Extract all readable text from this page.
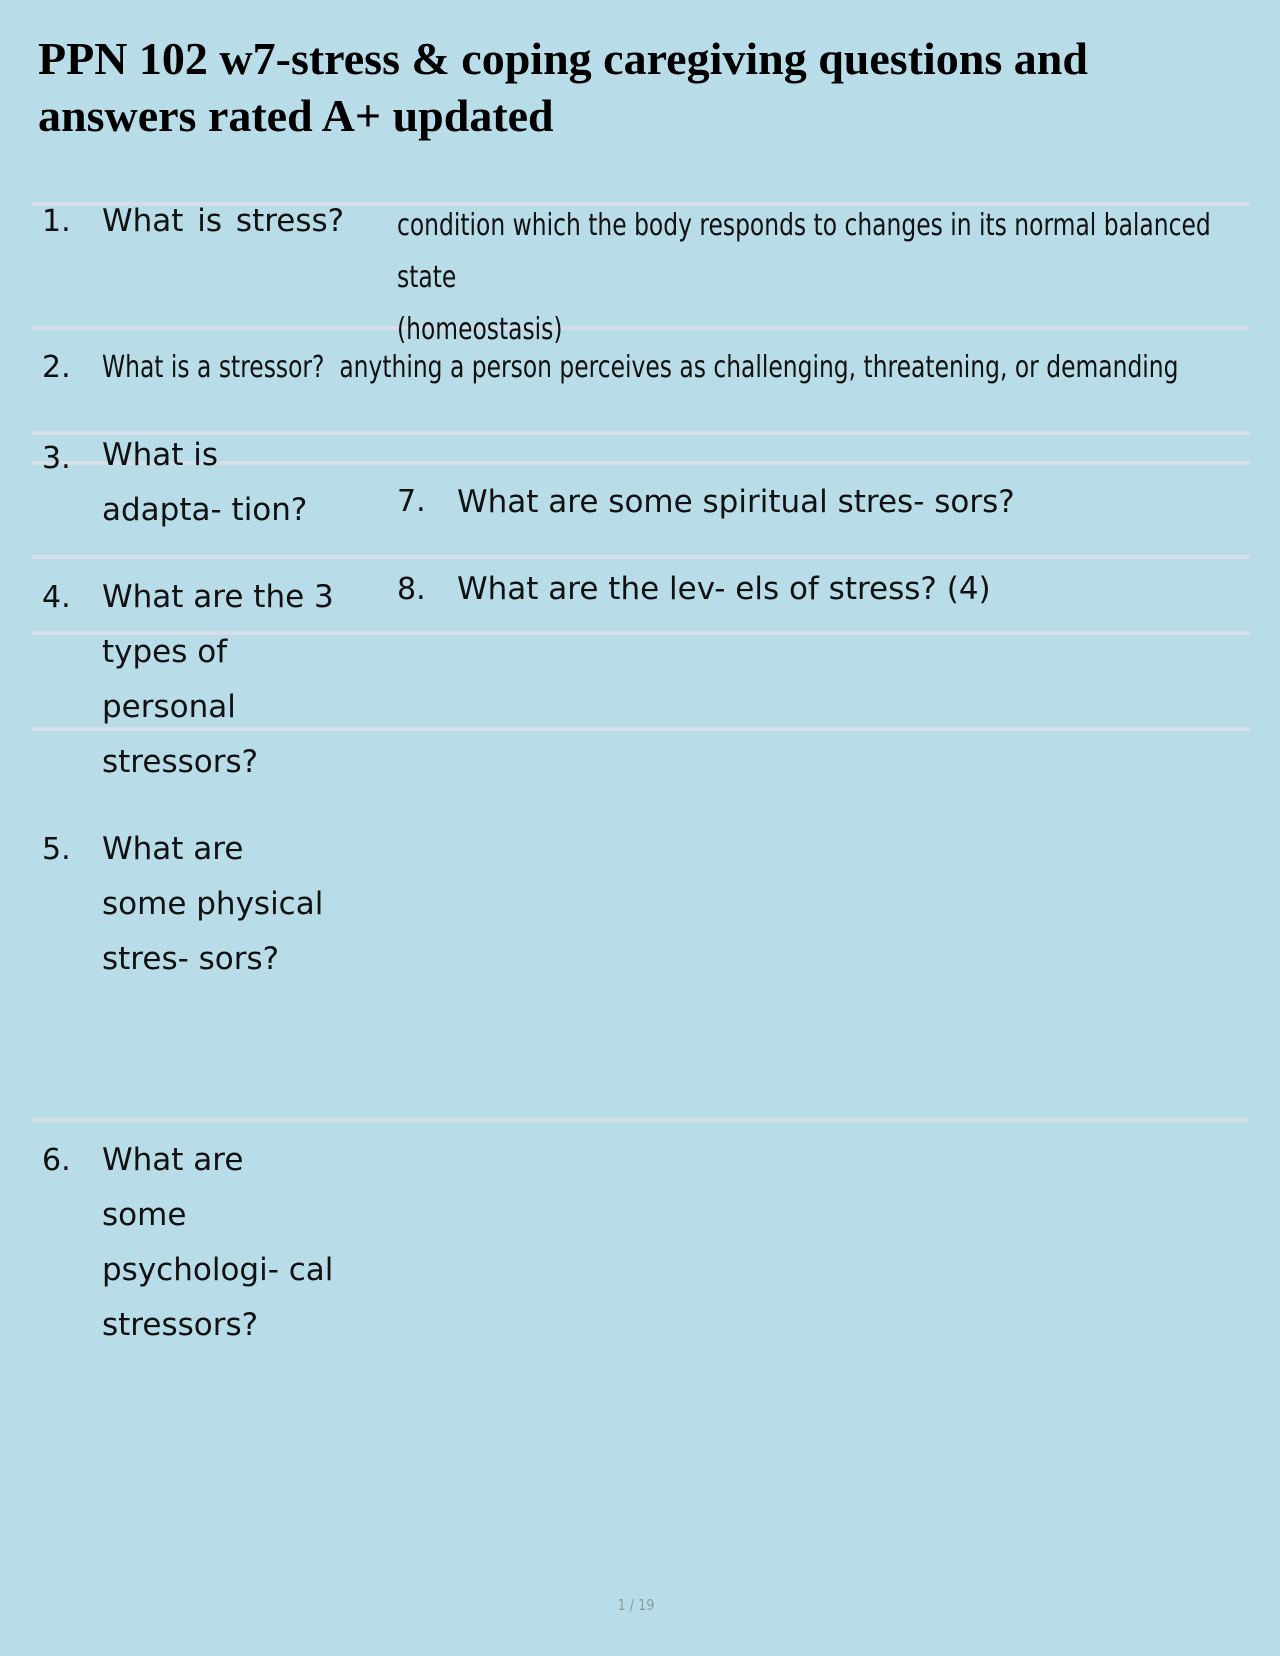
PPN 102 w7-stress & coping caregiving questions and answers rated A+ updated
1. What is stress? condition which the body responds to changes in its normal balanced state
(homeostasis)
2. What is a stressor? anything a person perceives as challenging, threatening, or demanding
3. What is
adapta- tion?	7. What are some spiritual stres- sors?
4. What are the 3
types of
personal
stressors?
8. What are the lev- els of stress? (4)
5. What are
some physical
stres- sors?
6. What are
some
psychologi- cal
stressors?
1 / 19
